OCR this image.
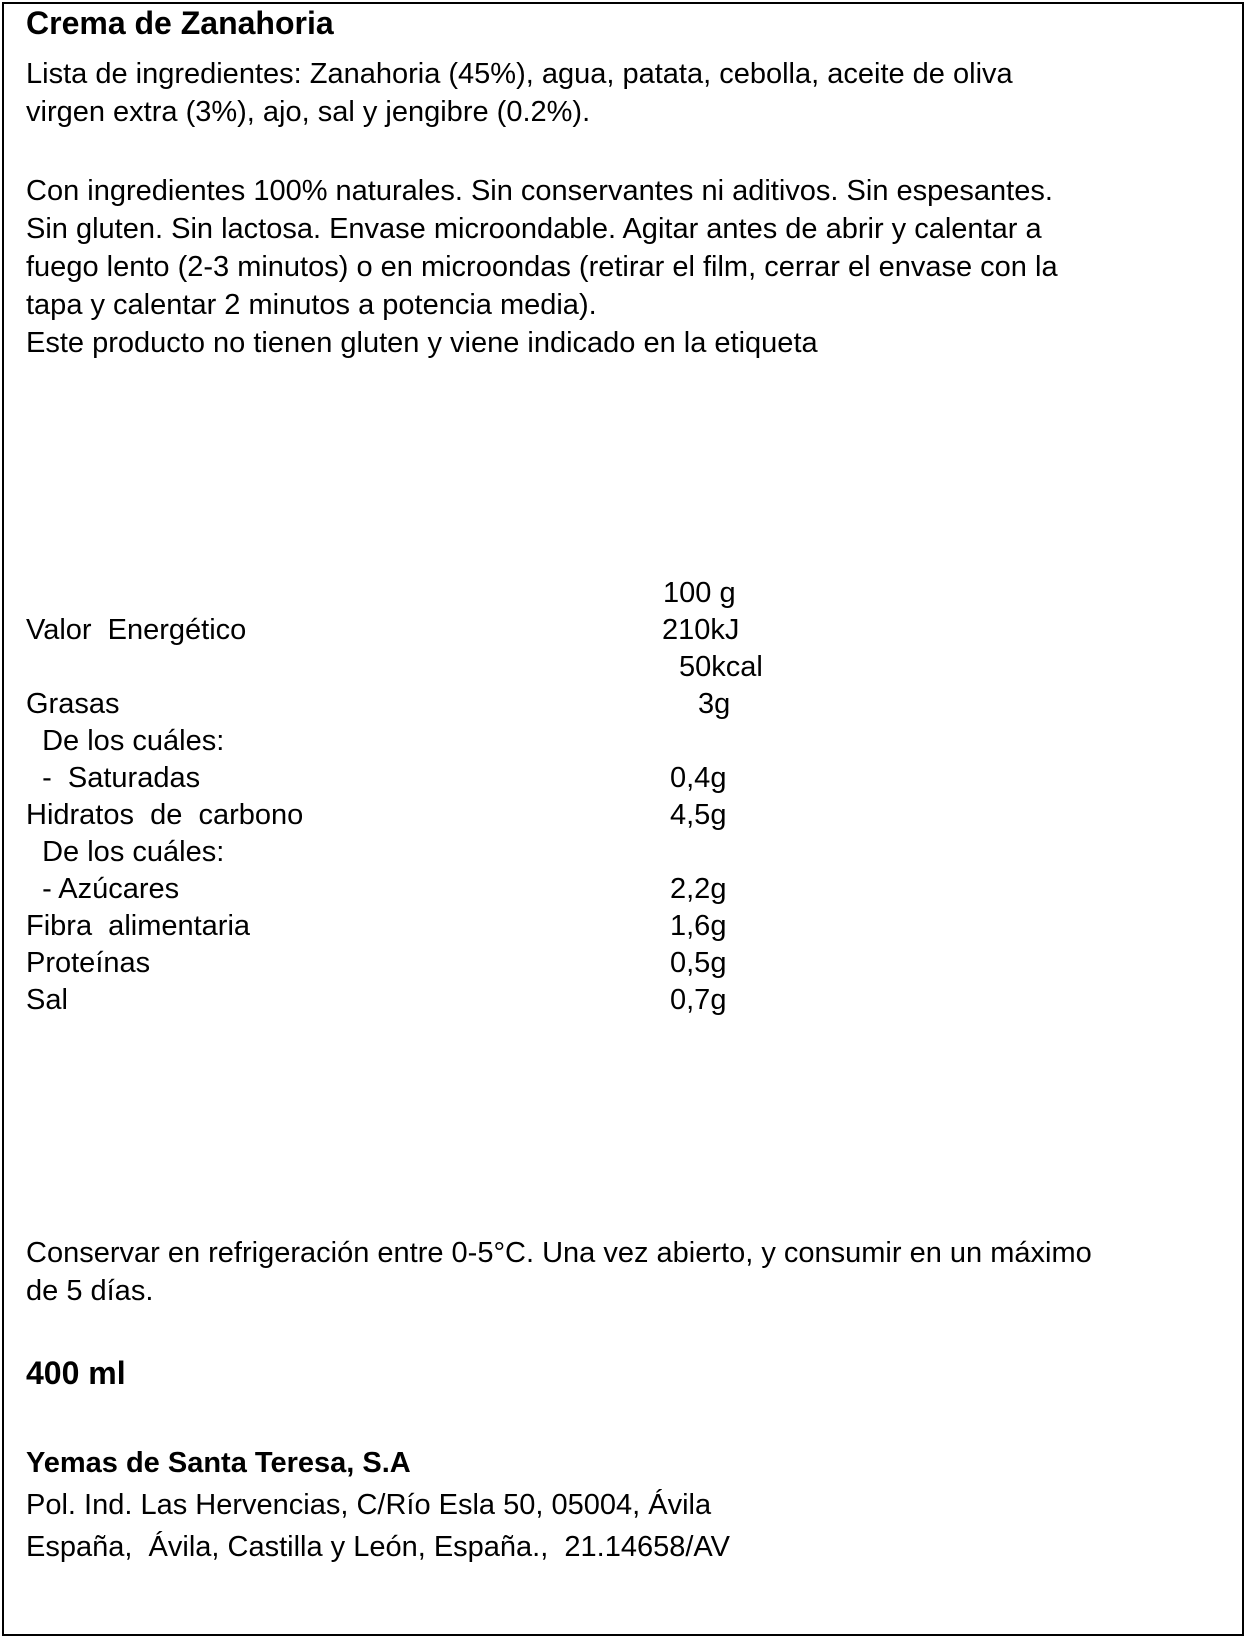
Crema de Zanahoria
Lista de ingredientes: Zanahoria (45%), agua, patata, cebolla, aceite de oliva
virgen extra (3%), ajo, sal y jengibre (0.2%).
Con ingredientes 100% naturales. Sin conservantes ni aditivos. Sin espesantes.
Sin gluten. Sin lactosa. Envase microondable. Agitar antes de abrir y calentar a
fuego lento (2-3 minutos) o en microondas (retirar el film, cerrar el envase con la
tapa y calentar 2 minutos a potencia media).
Este producto no tienen gluten y viene indicado en la etiqueta
100 g
Valor  Energético	210kJ
50kcal
Grasas	3g
De los cuáles:
-  Saturadas	0,4g
Hidratos  de  carbono	4,5g
De los cuáles:
- Azúcares	2,2g
Fibra  alimentaria	1,6g
Proteínas	0,5g
Sal	0,7g
Conservar en refrigeración entre 0-5°C. Una vez abierto, y consumir en un máximo
de 5 días.
400 ml
Yemas de Santa Teresa, S.A
Pol. Ind. Las Hervencias, C/Río Esla 50, 05004, Ávila
España,  Ávila, Castilla y León, España.,  21.14658/AV
